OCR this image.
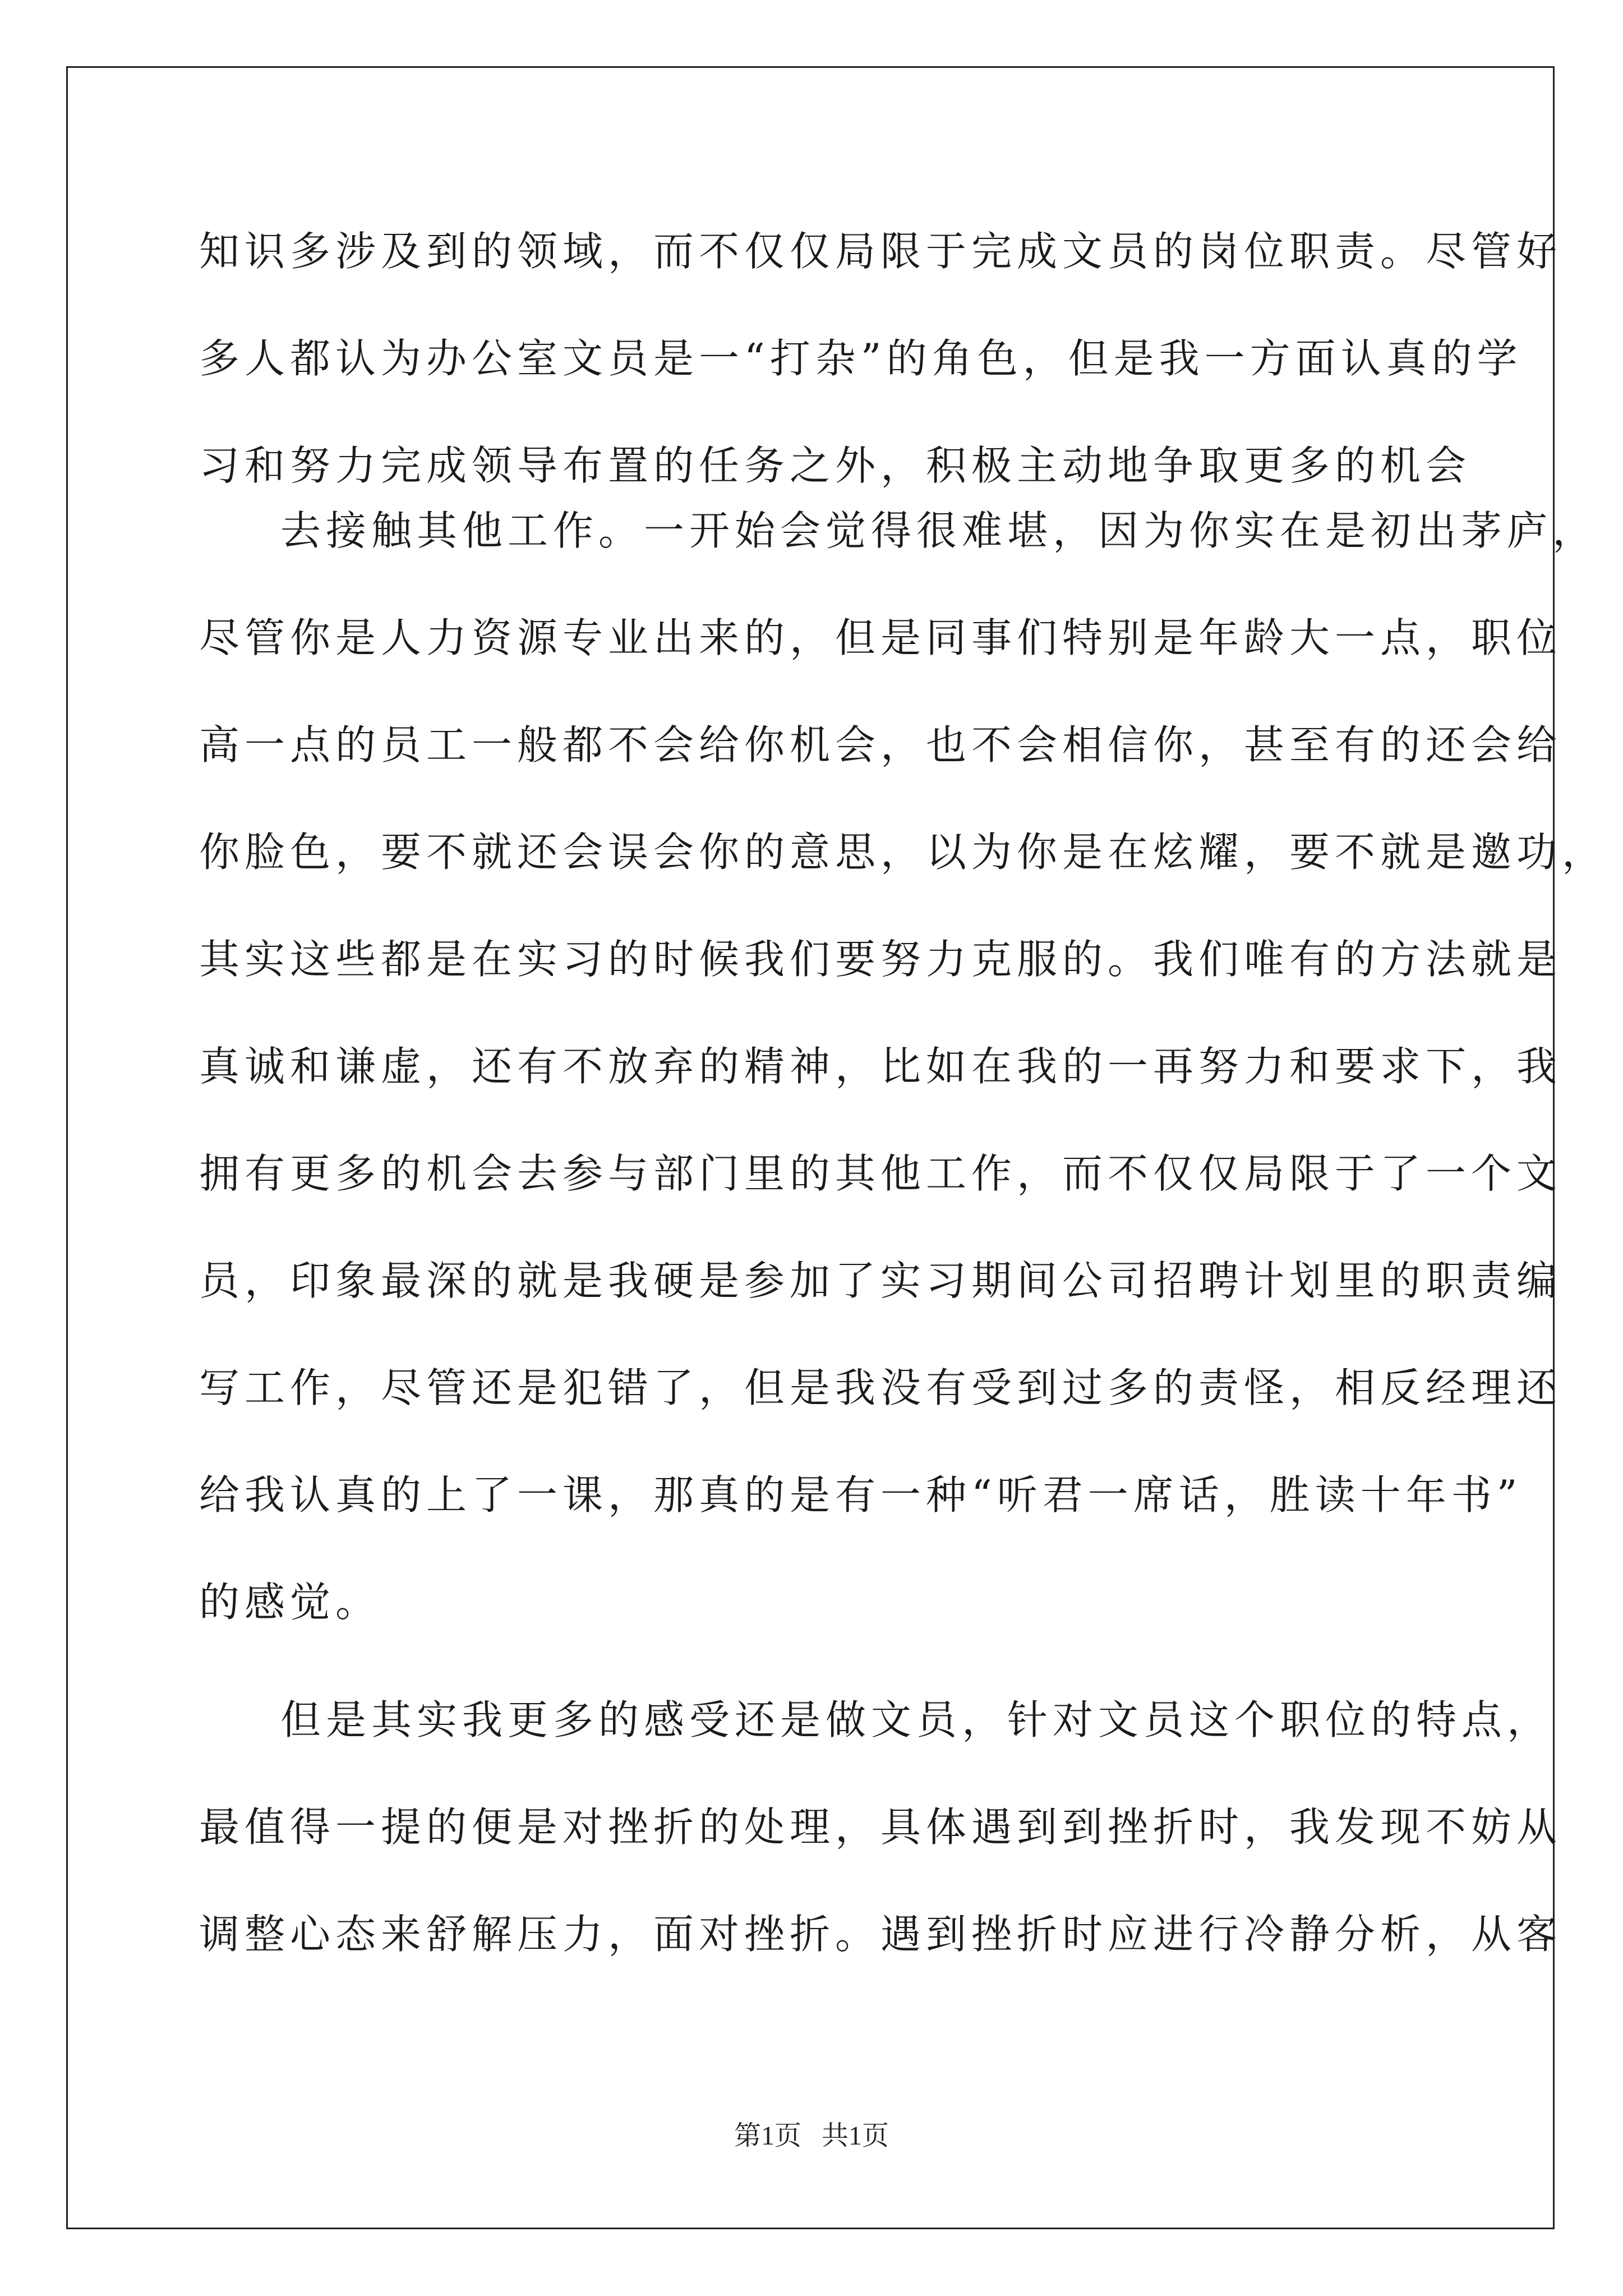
知识多涉及到的领域，而不仅仅局限于完成文员的岗位职责。尽管好
多人都认为办公室文员是一“打杂”的角色，但是我一方面认真的学
习和努力完成领导布置的任务之外，积极主动地争取更多的机会
去接触其他工作。一开始会觉得很难堪，因为你实在是初出茅庐，
尽管你是人力资源专业出来的，但是同事们特别是年龄大一点，职位
高一点的员工一般都不会给你机会，也不会相信你，甚至有的还会给
你脸色，要不就还会误会你的意思，以为你是在炫耀，要不就是邀功，
其实这些都是在实习的时候我们要努力克服的。我们唯有的方法就是
真诚和谦虚，还有不放弃的精神，比如在我的一再努力和要求下，我
拥有更多的机会去参与部门里的其他工作，而不仅仅局限于了一个文
员，印象最深的就是我硬是参加了实习期间公司招聘计划里的职责编
写工作，尽管还是犯错了，但是我没有受到过多的责怪，相反经理还
给我认真的上了一课，那真的是有一种“听君一席话，胜读十年书”
的感觉。
但是其实我更多的感受还是做文员，针对文员这个职位的特点，
最值得一提的便是对挫折的处理，具体遇到到挫折时，我发现不妨从
调整心态来舒解压力，面对挫折。遇到挫折时应进行冷静分析，从客
第1页 共1页
